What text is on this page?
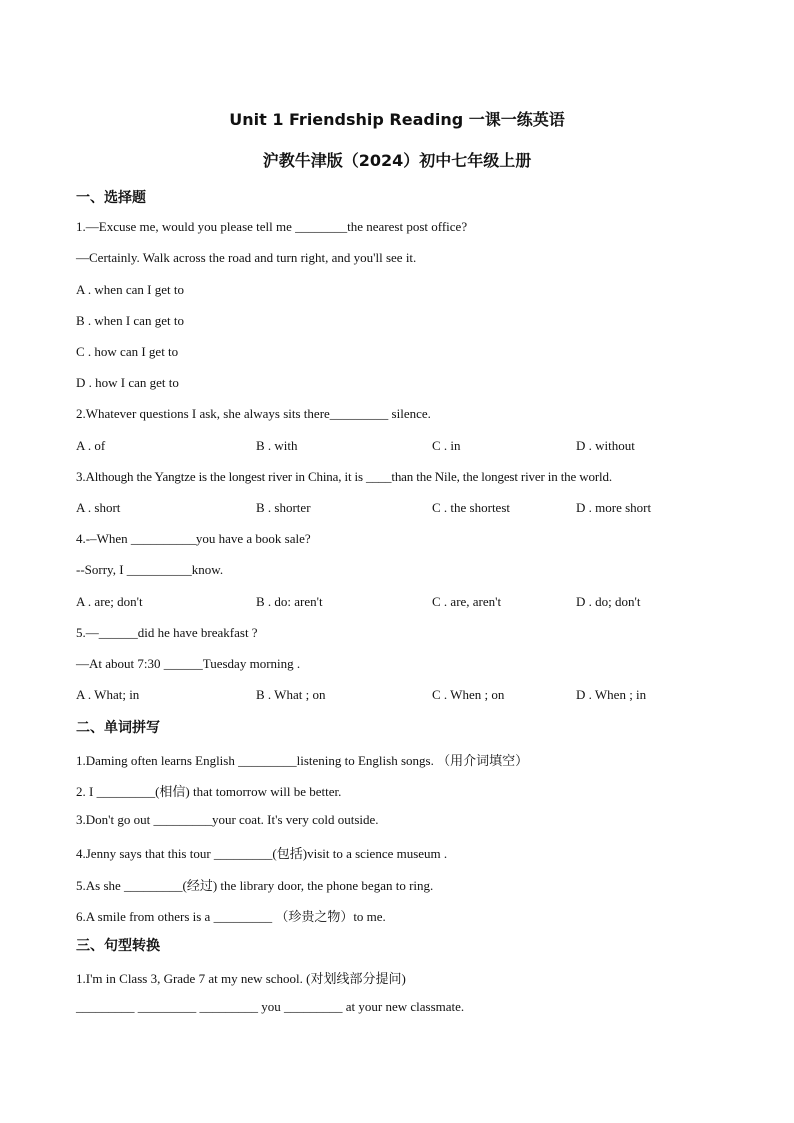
Unit 1 Friendship Reading 一课一练英语
沪教牛津版（2024）初中七年级上册
一、选择题
1.—Excuse me, would you please tell me ________the nearest post office?
—Certainly. Walk across the road and turn right, and you'll see it.
A . when can I get to
B . when I can get to
C . how can I get to
D . how I can get to
2.Whatever questions I ask, she always sits there_________ silence.
A . of	B . with	C . in	D . without
3.Although the Yangtze is the longest river in China, it is ____than the Nile, the longest river in the world.
A . short	B . shorter	C . the shortest	D . more short
4.-–When __________you have a book sale?
--Sorry, I __________know.
A . are; don't	B . do: aren't	C . are, aren't	D . do; don't
5.—______did he have breakfast ?
—At about 7:30 ______Tuesday morning .
A . What; in	B . What ; on	C . When ; on	D . When ; in
二、单词拼写
1.Daming often learns English _________listening to English songs. （用介词填空）
2. I _________(相信) that tomorrow will be better.
3.Don't go out _________your coat. It's very cold outside.
4.Jenny says that this tour _________(包括)visit to a science museum .
5.As she _________(经过) the library door, the phone began to ring.
6.A smile from others is a _________ （珍贵之物）to me.
三、句型转换
1.I'm in Class 3, Grade 7 at my new school. (对划线部分提问)
_________ _________ _________ you _________ at your new classmate.
